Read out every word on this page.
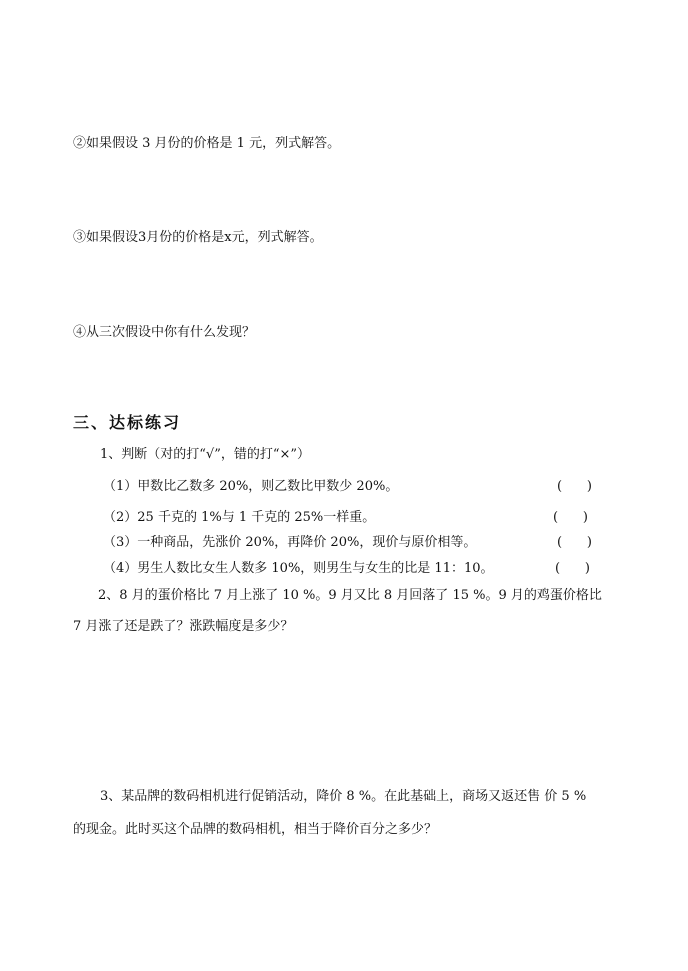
②如果假设 3 月份的价格是 1 元，列式解答。
③如果假设3月份的价格是x元，列式解答。
④从三次假设中你有什么发现？
三、达标练习
1、判断（对的打“√”，错的打“×”）
（1）甲数比乙数多 20%，则乙数比甲数少 20%。	(      )
（2）25 千克的 1%与 1 千克的 25%一样重。	(      )
（3）一种商品，先涨价 20%，再降价 20%，现价与原价相等。	(      )
（4）男生人数比女生人数多 10%，则男生与女生的比是 11：10。	(      )
2、8 月的蛋价格比 7 月上涨了 10 %。9 月又比 8 月回落了 15 %。9 月的鸡蛋价格比
7 月涨了还是跌了？涨跌幅度是多少？
3、某品牌的数码相机进行促销活动，降价 8 %。在此基础上，商场又返还售 价 5 %
的现金。此时买这个品牌的数码相机，相当于降价百分之多少？
